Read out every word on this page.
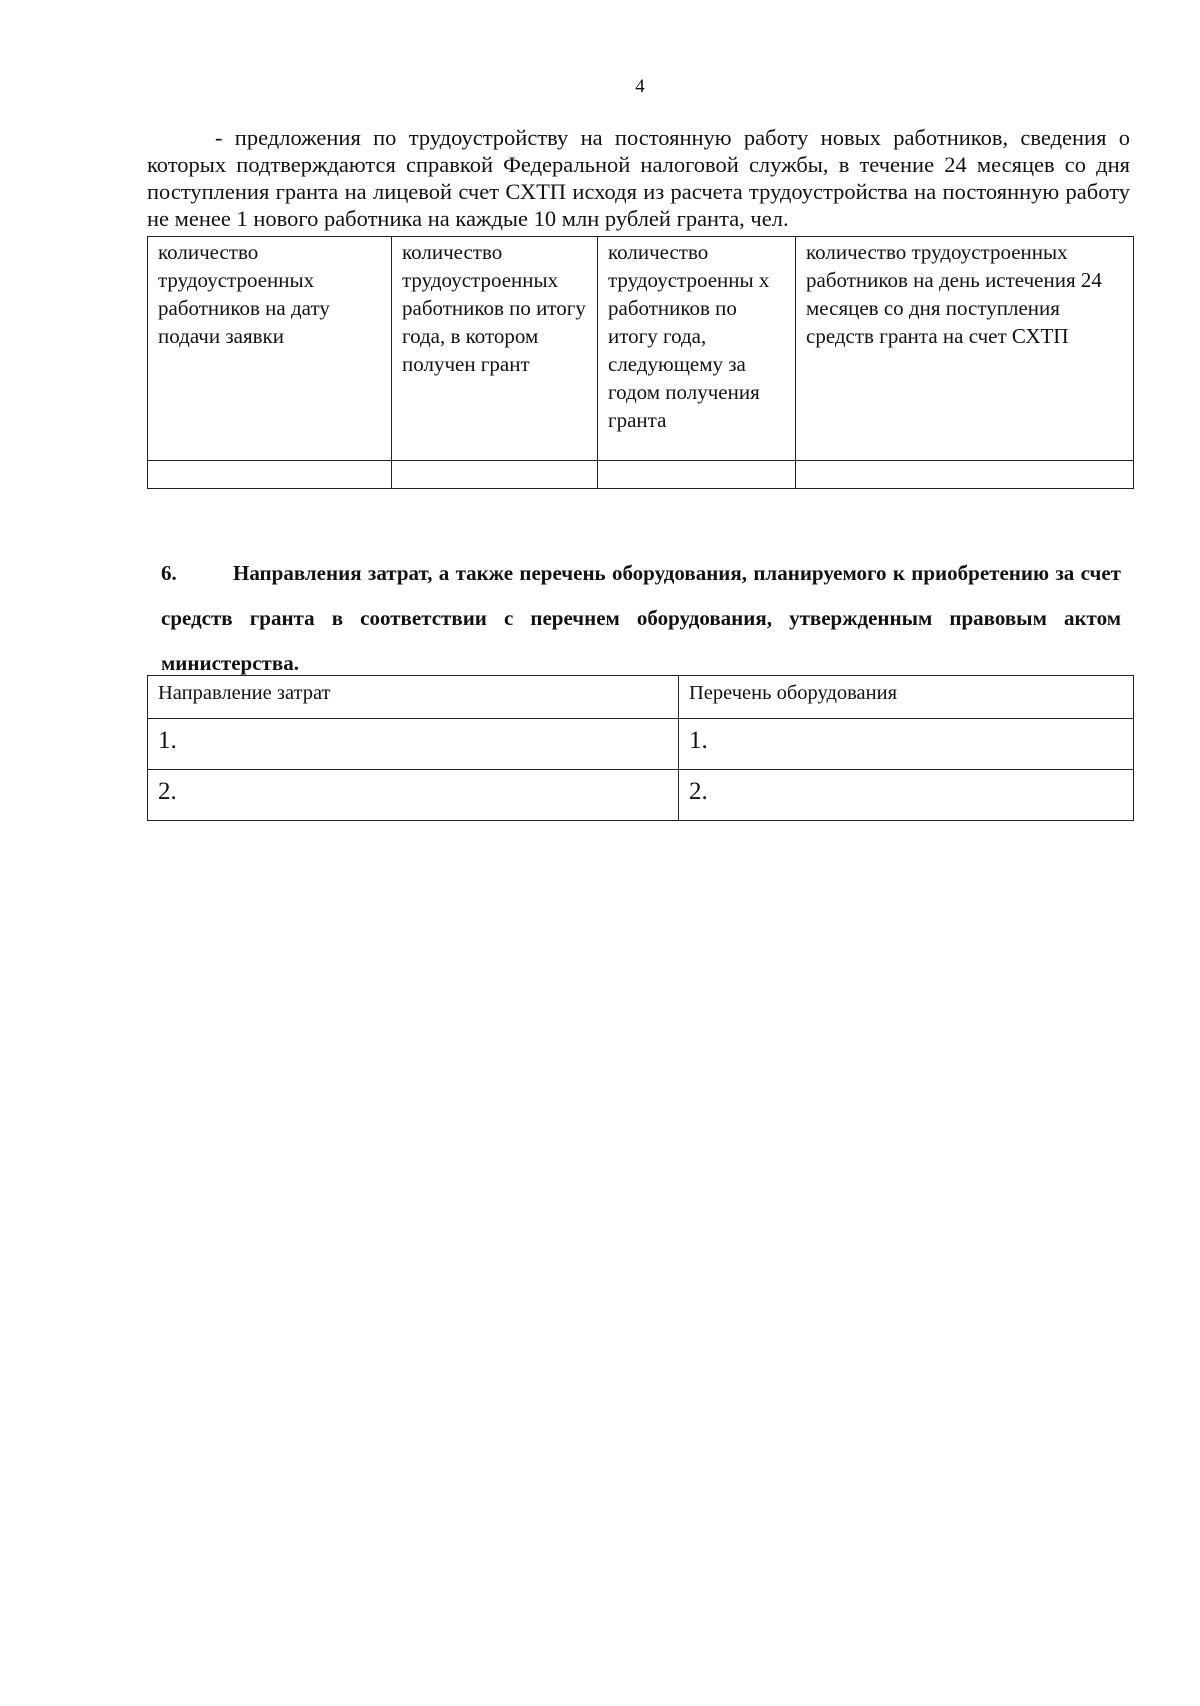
4

- предложения по трудоустройству на постоянную работу новых работников, сведения о которых подтверждаются справкой Федеральной налоговой службы, в течение 24 месяцев со дня поступления гранта на лицевой счет СХТП исходя из расчета трудоустройства на постоянную работу не менее 1 нового работника на каждые 10 млн рублей гранта, чел.

количество трудоустроенных работников на дату подачи заявки	количество трудоустроенных работников по итогу года, в котором получен грант	количество трудоустроенны х работников по итогу года, следующему за годом получения гранта	количество трудоустроенных работников на день истечения 24 месяцев со дня поступления средств гранта на счет СХТП

6.	Направления затрат, а также перечень оборудования, планируемого к приобретению за счет средств гранта в соответствии с перечнем оборудования, утвержденным правовым актом министерства.

Направление затрат	Перечень оборудования
1.	1.
2.	2.
